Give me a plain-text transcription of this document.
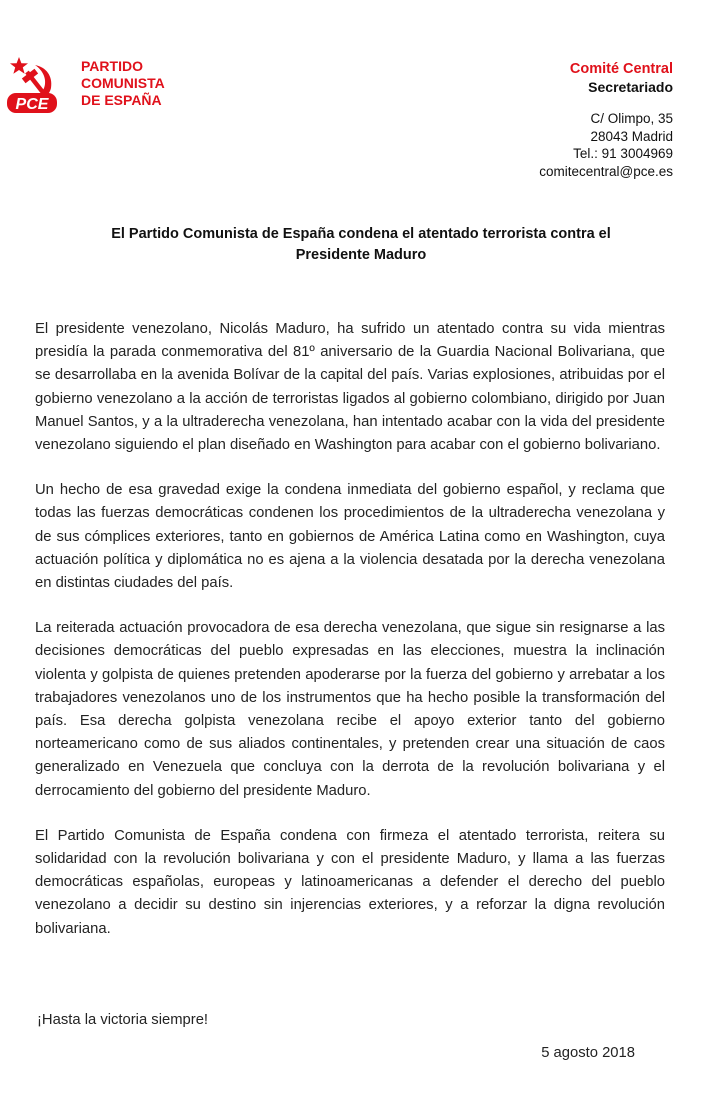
PCE
PARTIDO
COMUNISTA
DE ESPAÑA
Comité Central
Secretariado
C/ Olimpo, 35
28043 Madrid
Tel.: 91 3004969
comitecentral@pce.es
El Partido Comunista de España condena el atentado terrorista contra el
Presidente Maduro

El presidente venezolano, Nicolás Maduro, ha sufrido un atentado contra su vida mientras presidía la parada conmemorativa del 81º aniversario de la Guardia Nacional Bolivariana, que se desarrollaba en la avenida Bolívar de la capital del país. Varias explosiones, atribuidas por el gobierno venezolano a la acción de terroristas ligados al gobierno colombiano, dirigido por Juan Manuel Santos, y a la ultraderecha venezolana, han intentado acabar con la vida del presidente venezolano siguiendo el plan diseñado en Washington para acabar con el gobierno bolivariano.

Un hecho de esa gravedad exige la condena inmediata del gobierno español, y reclama que todas las fuerzas democráticas condenen los procedimientos de la ultraderecha venezolana y de sus cómplices exteriores, tanto en gobiernos de América Latina como en Washington, cuya actuación política y diplomática no es ajena a la violencia desatada por la derecha venezolana en distintas ciudades del país.

La reiterada actuación provocadora de esa derecha venezolana, que sigue sin resignarse a las decisiones democráticas del pueblo expresadas en las elecciones, muestra la inclinación violenta y golpista de quienes pretenden apoderarse por la fuerza del gobierno y arrebatar a los trabajadores venezolanos uno de los instrumentos que ha hecho posible la transformación del país. Esa derecha golpista venezolana recibe el apoyo exterior tanto del gobierno norteamericano como de sus aliados continentales, y pretenden crear una situación de caos generalizado en Venezuela que concluya con la derrota de la revolución bolivariana y el derrocamiento del gobierno del presidente Maduro.

El Partido Comunista de España condena con firmeza el atentado terrorista, reitera su solidaridad con la revolución bolivariana y con el presidente Maduro, y llama a las fuerzas democráticas españolas, europeas y latinoamericanas a defender el derecho del pueblo venezolano a decidir su destino sin injerencias exteriores, y a reforzar la digna revolución bolivariana.

¡Hasta la victoria siempre!
5 agosto 2018
